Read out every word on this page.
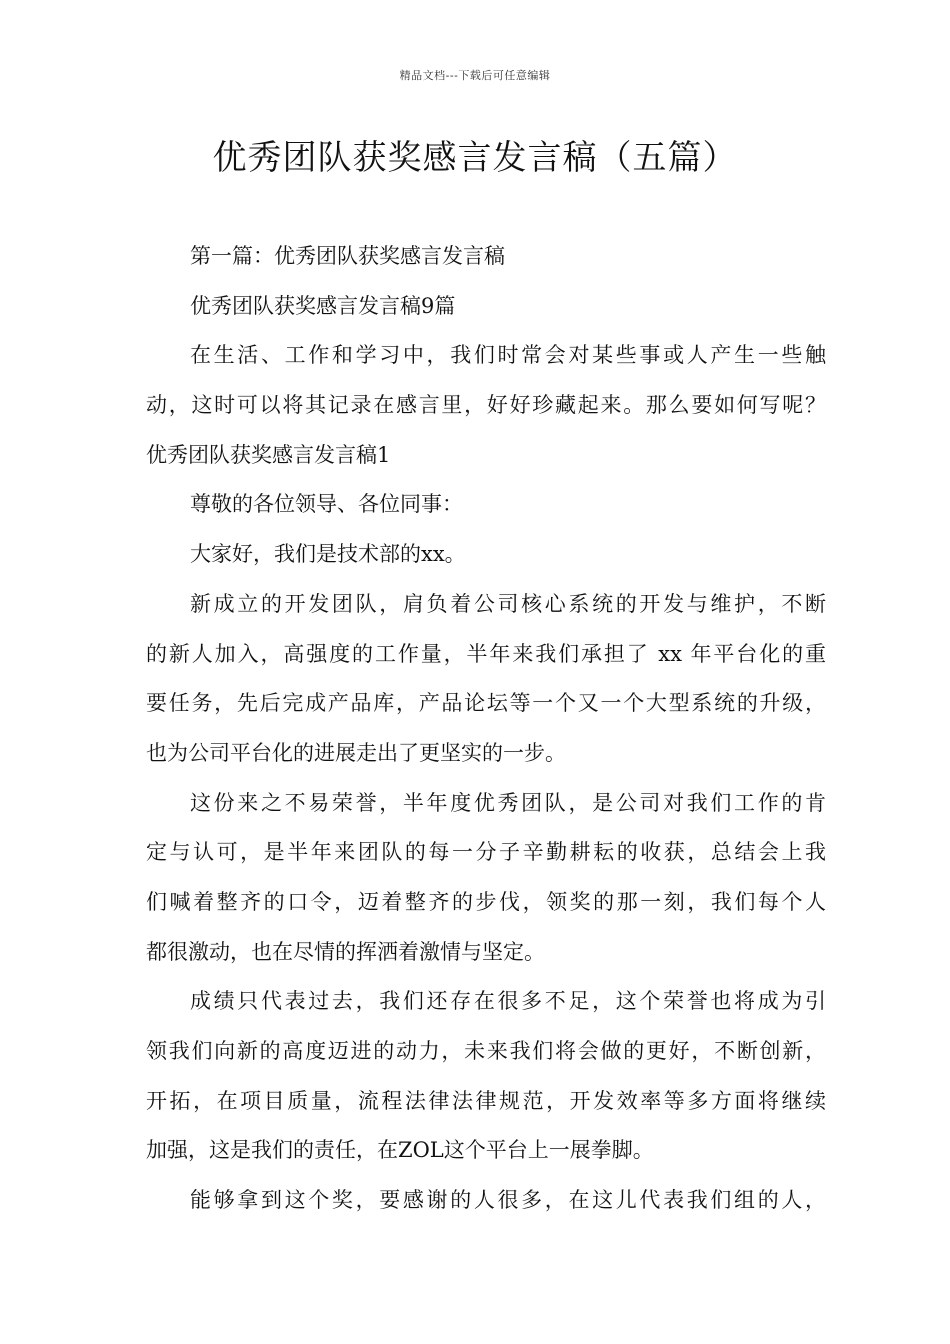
精品文档---下载后可任意编辑
优秀团队获奖感言发言稿（五篇）
第一篇：优秀团队获奖感言发言稿
优秀团队获奖感言发言稿9篇
在生活、工作和学习中，我们时常会对某些事或人产生一些触
动，这时可以将其记录在感言里，好好珍藏起来。那么要如何写呢？
优秀团队获奖感言发言稿1
尊敬的各位领导、各位同事：
大家好，我们是技术部的xx。
新成立的开发团队，肩负着公司核心系统的开发与维护，不断
的新人加入，高强度的工作量，半年来我们承担了 xx 年平台化的重
要任务，先后完成产品库，产品论坛等一个又一个大型系统的升级，
也为公司平台化的进展走出了更坚实的一步。
这份来之不易荣誉，半年度优秀团队，是公司对我们工作的肯
定与认可，是半年来团队的每一分子辛勤耕耘的收获，总结会上我
们喊着整齐的口令，迈着整齐的步伐，领奖的那一刻，我们每个人
都很激动，也在尽情的挥洒着激情与坚定。
成绩只代表过去，我们还存在很多不足，这个荣誉也将成为引
领我们向新的高度迈进的动力，未来我们将会做的更好，不断创新，
开拓，在项目质量，流程法律法律规范，开发效率等多方面将继续
加强，这是我们的责任，在ZOL这个平台上一展拳脚。
能够拿到这个奖，要感谢的人很多，在这儿代表我们组的人，
